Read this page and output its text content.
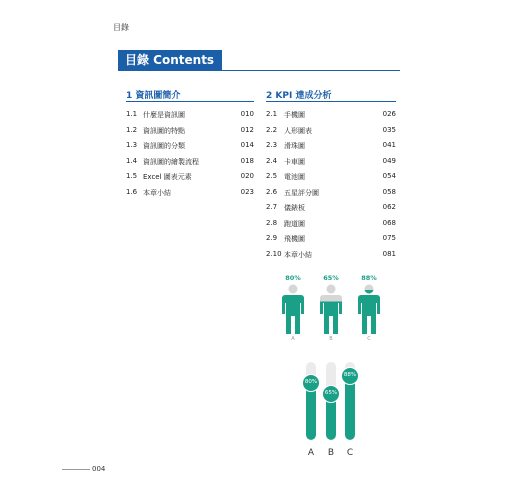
目錄
目錄 Contents
1 資訊圖簡介
1.1 什麼是資訊圖	010
1.2 資訊圖的特點	012
1.3 資訊圖的分類	014
1.4 資訊圖的繪製流程	018
1.5 Excel 圖表元素	020
1.6 本章小結	023
2 KPI 達成分析
2.1 手機圖	026
2.2 人形圖表	035
2.3 滑珠圖	041
2.4 卡車圖	049
2.5 電池圖	054
2.6 五星評分圖	058
2.7 儀錶板	062
2.8 跑道圖	068
2.9 飛機圖	075
2.10 本章小結	081
80%
A
65%
B
88%
C
80%
A
65%
B
88%
C
004
